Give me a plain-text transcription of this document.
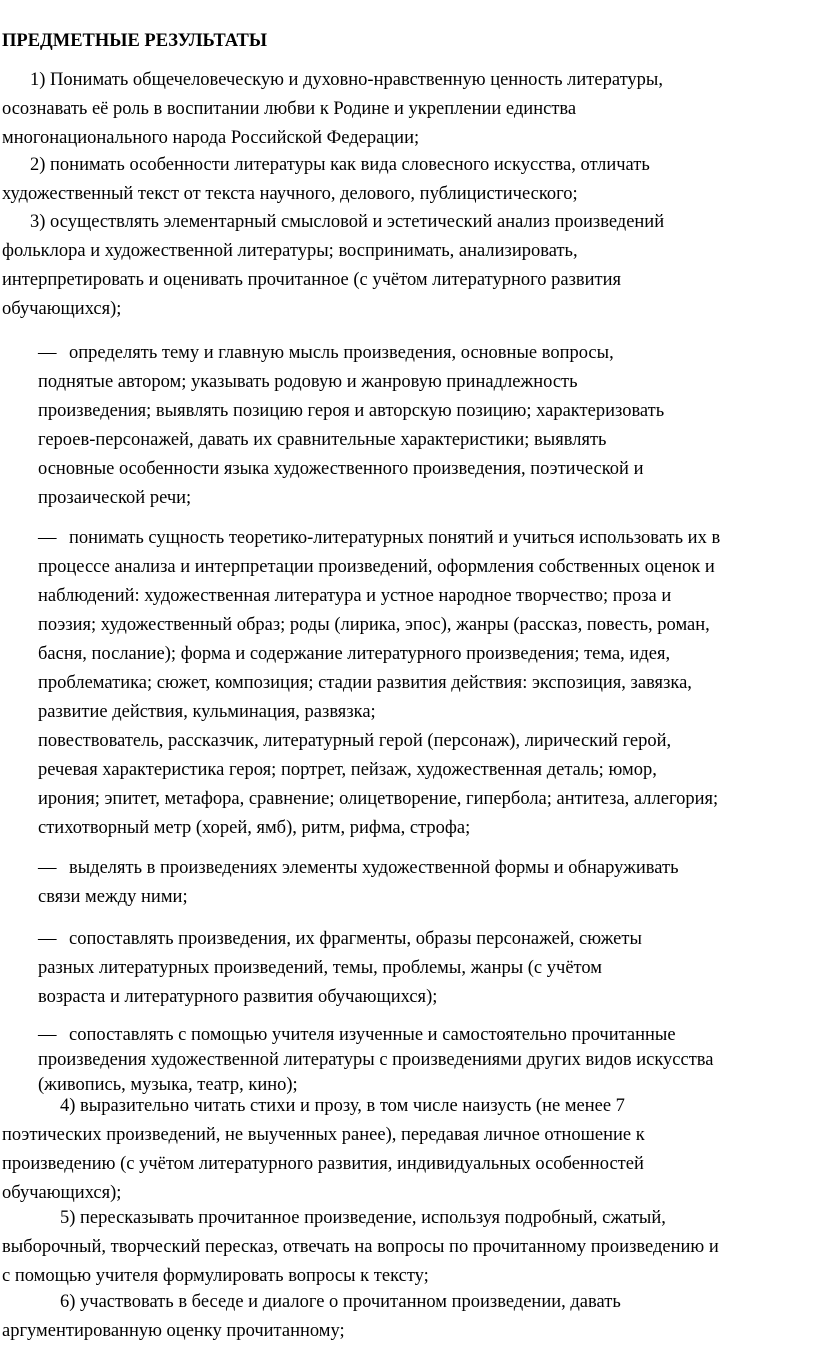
ПРЕДМЕТНЫЕ РЕЗУЛЬТАТЫ
1) Понимать общечеловеческую и духовно-нравственную ценность литературы,
осознавать её роль в воспитании любви к Родине и укреплении единства
многонационального народа Российской Федерации;
2) понимать особенности литературы как вида словесного искусства, отличать
художественный текст от текста научного, делового, публицистического;
3) осуществлять элементарный смысловой и эстетический анализ произведений
фольклора и художественной литературы; воспринимать, анализировать,
интерпретировать и оценивать прочитанное (с учётом литературного развития
обучающихся);
— определять тему и главную мысль произведения, основные вопросы,
поднятые автором; указывать родовую и жанровую принадлежность
произведения; выявлять позицию героя и авторскую позицию; характеризовать
героев-персонажей, давать их сравнительные характеристики; выявлять
основные особенности языка художественного произведения, поэтической и
прозаической речи;
— понимать сущность теоретико-литературных понятий и учиться использовать их в
процессе анализа и интерпретации произведений, оформления собственных оценок и
наблюдений: художественная литература и устное народное творчество; проза и
поэзия; художественный образ; роды (лирика, эпос), жанры (рассказ, повесть, роман,
басня, послание); форма и содержание литературного произведения; тема, идея,
проблематика; сюжет, композиция; стадии развития действия: экспозиция, завязка,
развитие действия, кульминация, развязка;
повествователь, рассказчик, литературный герой (персонаж), лирический герой,
речевая характеристика героя; портрет, пейзаж, художественная деталь; юмор,
ирония; эпитет, метафора, сравнение; олицетворение, гипербола; антитеза, аллегория;
стихотворный метр (хорей, ямб), ритм, рифма, строфа;
— выделять в произведениях элементы художественной формы и обнаруживать
связи между ними;
— сопоставлять произведения, их фрагменты, образы персонажей, сюжеты
разных литературных произведений, темы, проблемы, жанры (с учётом
возраста и литературного развития обучающихся);
— сопоставлять с помощью учителя изученные и самостоятельно прочитанные
произведения художественной литературы с произведениями других видов искусства
(живопись, музыка, театр, кино);
4) выразительно читать стихи и прозу, в том числе наизусть (не менее 7
поэтических произведений, не выученных ранее), передавая личное отношение к
произведению (с учётом литературного развития, индивидуальных особенностей
обучающихся);
5) пересказывать прочитанное произведение, используя подробный, сжатый,
выборочный, творческий пересказ, отвечать на вопросы по прочитанному произведению и
с помощью учителя формулировать вопросы к тексту;
6) участвовать в беседе и диалоге о прочитанном произведении, давать
аргументированную оценку прочитанному;
